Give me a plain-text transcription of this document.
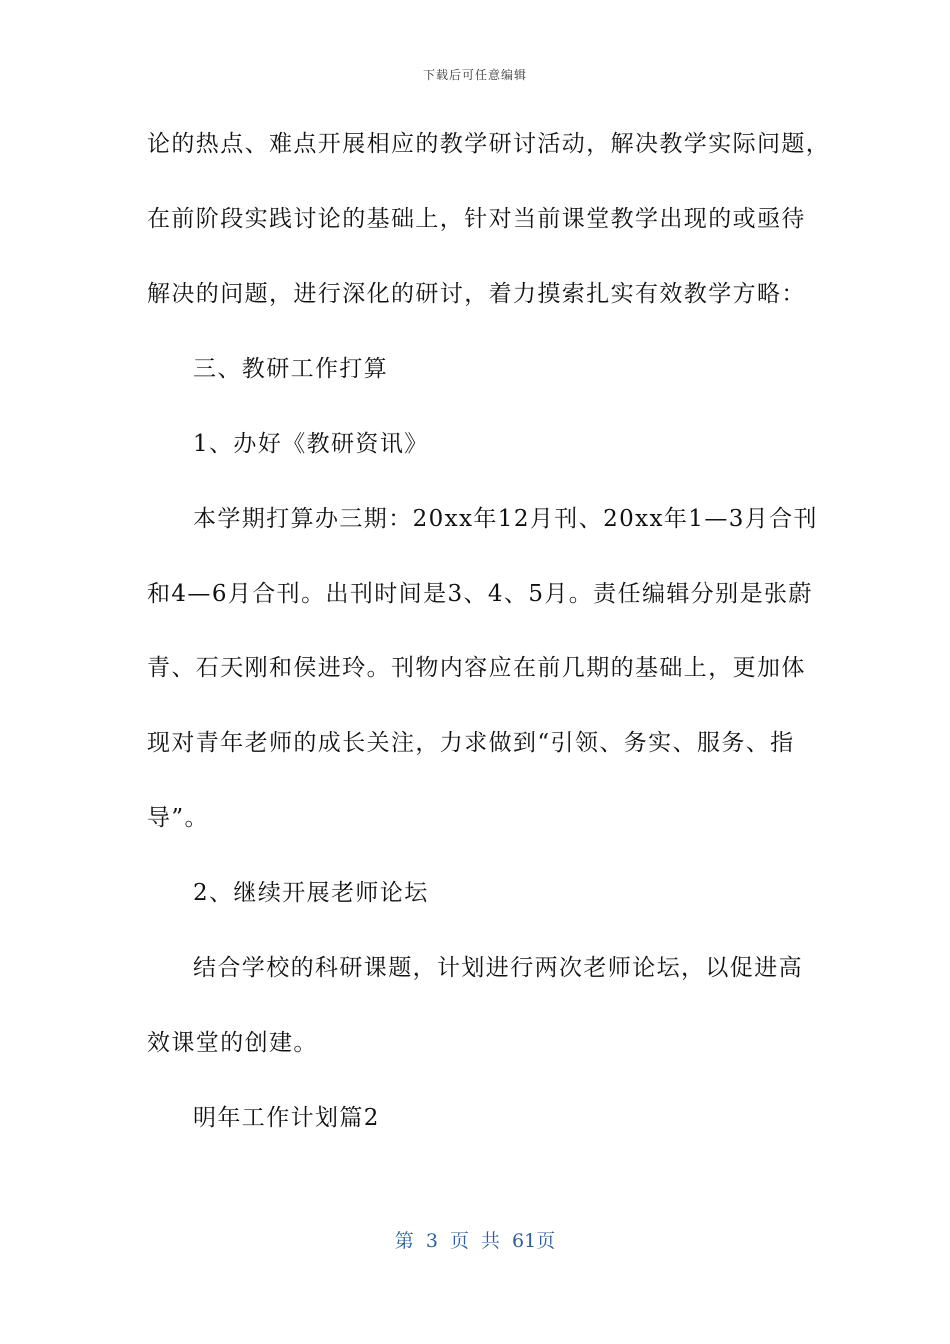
下载后可任意编辑
论的热点、难点开展相应的教学研讨活动，解决教学实际问题，
在前阶段实践讨论的基础上，针对当前课堂教学出现的或亟待
解决的问题，进行深化的研讨，着力摸索扎实有效教学方略：
三、教研工作打算
1、办好《教研资讯》
本学期打算办三期：20xx年12月刊、20xx年1—3月合刊
和4—6月合刊。出刊时间是3、4、5月。责任编辑分别是张蔚
青、石天刚和侯进玲。刊物内容应在前几期的基础上，更加体
现对青年老师的成长关注，力求做到“引领、务实、服务、指
导”。
2、继续开展老师论坛
结合学校的科研课题，计划进行两次老师论坛，以促进高
效课堂的创建。
明年工作计划篇2
第 3 页 共 61页
